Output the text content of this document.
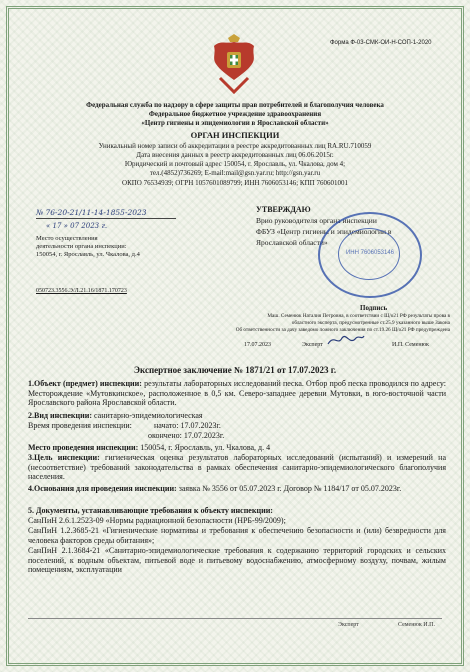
Форма Ф-03-СМК-ОИ-Н-СОП-1-2020
Федеральная служба по надзору в сфере защиты прав потребителей и благополучия человека
Федеральное бюджетное учреждение здравоохранения
«Центр гигиены и эпидемиологии в Ярославской области»
ОРГАН ИНСПЕКЦИИ
Уникальный номер записи об аккредитации в реестре аккредитованных лиц RA.RU.710059
Дата внесения данных в реестр аккредитованных лиц 06.06.2015г.
Юридический и почтовый адрес 150054, г. Ярославль, ул. Чкалова, дом 4;
тел.(4852)736269; E-mail:mail@gsn.yar.ru; http://gsn.yar.ru
ОКПО 76534939; ОГРН 1057601089799; ИНН 7606053146; КПП 760601001
№ 76-20-21/11-14-1855-2023
« 17 » 07 2023 г.
Место осуществления
деятельности органа инспекции:
150054, г. Ярославль, ул. Чкалова, д.4
050723.3556.Э/Л.21.16/1871.170723
УТВЕРЖДАЮ
Врио руководителя органа инспекции
ФБУЗ «Центр гигиены и эпидемиологии в
Ярославской области»
ИНН 7606053146
Подпись
Маш. Семенюк Наталия Петровна, в соответствии с Щ/о21 РФ результаты прова в
областного экспертa, предусмотренные ст.25.9 указанного выше Закона
Об ответственности за дачу заведомо ложного заключения по ст.19.26 Щ/о21 РФ предупреждена
17.07.2023	Эксперт	И.П. Семенюк
Экспертное заключение № 1871/21 от 17.07.2023 г.
1.Объект (предмет) инспекции: результаты лабораторных исследований песка. Отбор проб песка проводился по адресу: Месторождение «Мутовкинское», расположенное в 0,5 км. Северо-западнее деревни Мутовки, в юго-восточной части Ярославского района Ярославской области.
2.Вид инспекции: санитарно-эпидемиологическая
Время проведения инспекции:	начато: 17.07.2023г.
окончено: 17.07.2023г.
Место проведения инспекции: 150054, г. Ярославль, ул. Чкалова, д. 4
3.Цель инспекции: гигиеническая оценка результатов лабораторных исследований (испытаний) и измерений на (несоответствие) требований законодательства в рамках обеспечения санитарно-эпидемиологического благополучия населения.
4.Основания для проведения инспекции: заявка № 3556 от 05.07.2023 г. Договор № 1184/17 от 05.07.2023г.
5. Документы, устанавливающие требования к объекту инспекции:
СанПиН 2.6.1.2523-09 «Нормы радиационной безопасности (НРБ-99/2009);
СанПиН 1.2.3685-21 «Гигиенические нормативы и требования к обеспечению безопасности и (или) безвредности для человека факторов среды обитания»;
СанПиН 2.1.3684-21 «Санитарно-эпидемиологические требования к содержанию территорий городских и сельских поселений, к водным объектам, питьевой воде и питьевому водоснабжению, атмосферному воздуху, почвам, жилым помещениям, эксплуатации
Эксперт	Семенюк И.П.
